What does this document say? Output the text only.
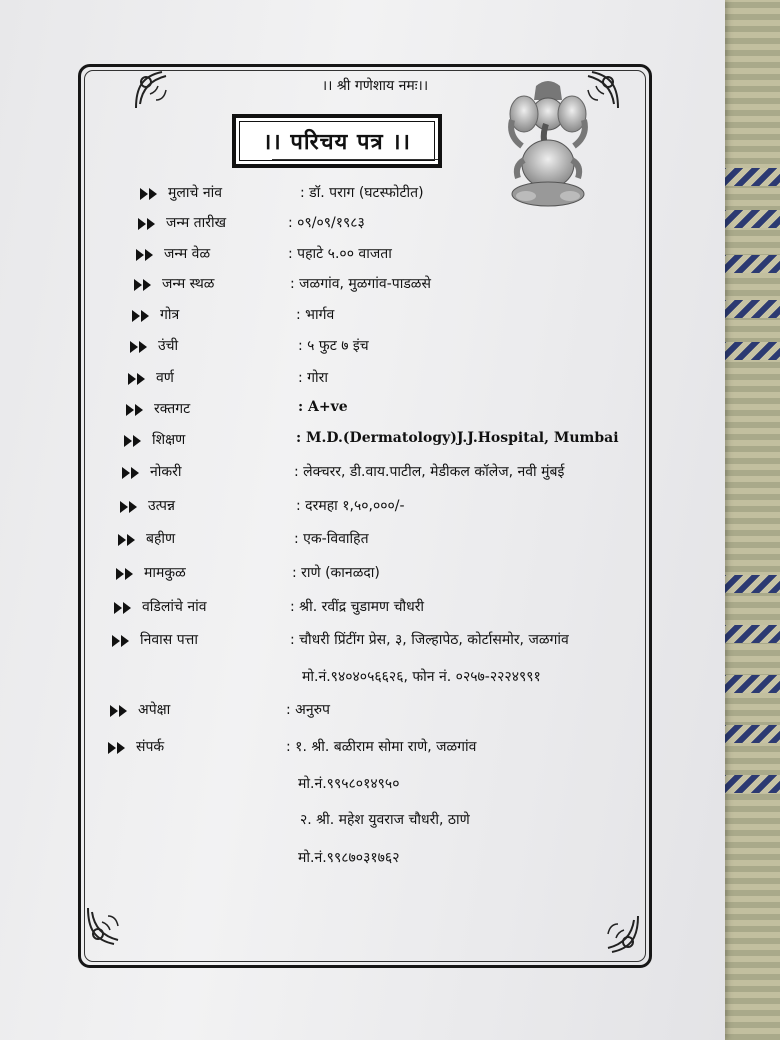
।। श्री गणेशाय नमः।।
।। परिचय पत्र ।।
मुलाचे नांव	: डॉ. पराग (घटस्फोटीत)
जन्म तारीख	: ०९/०९/१९८३
जन्म वेळ	: पहाटे ५.०० वाजता
जन्म स्थळ	: जळगांव, मुळगांव-पाडळसे
गोत्र	: भार्गव
उंची	: ५ फुट ७ इंच
वर्ण	: गोरा
रक्तगट	: A+ve
शिक्षण	: M.D.(Dermatology)J.J.Hospital, Mumbai
नोकरी	: लेक्चरर, डी.वाय.पाटील, मेडीकल कॉलेज, नवी मुंबई
उत्पन्न	: दरमहा १,५०,०००/-
बहीण	: एक-विवाहित
मामकुळ	: राणे (कानळदा)
वडिलांचे नांव	: श्री. रवींद्र चुडामण चौधरी
निवास पत्ता	: चौधरी प्रिंटींग प्रेस, ३, जिल्हापेठ, कोर्टासमोर, जळगांव
मो.नं.९४०४०५६६२६, फोन नं. ०२५७-२२२४९९१
अपेक्षा	: अनुरुप
संपर्क	: १. श्री. बळीराम सोमा राणे, जळगांव
मो.नं.९९५८०१४९५०
२. श्री. महेश युवराज चौधरी, ठाणे
मो.नं.९९८७०३१७६२
